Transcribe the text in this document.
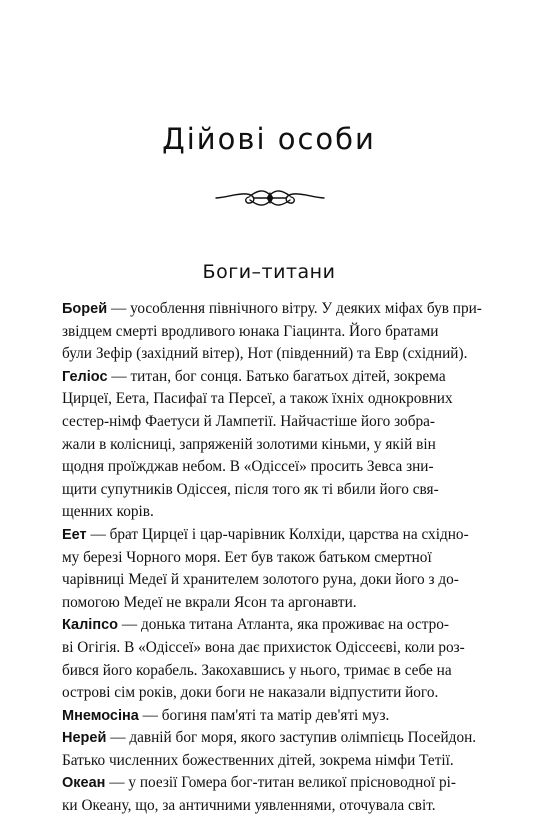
Дійові особи
Боги–титани

Борей — уособлення північного вітру. У деяких міфах був при-
звідцем смерті вродливого юнака Гіацинта. Його братами
були Зефір (західний вітер), Нот (південний) та Евр (східний).

Геліос — титан, бог сонця. Батько багатьох дітей, зокрема
Цирцеї, Еета, Пасифаї та Персеї, а також їхніх однокровних
сестер-німф Фаетуси й Лампетії. Найчастіше його зобра-
жали в колісниці, запряженій золотими кіньми, у якій він
щодня проїжджав небом. В «Одіссеї» просить Зевса зни-
щити супутників Одіссея, після того як ті вбили його свя-
щенних корів.

Еет — брат Цирцеї і цар-чарівник Колхіди, царства на східно-
му березі Чорного моря. Еет був також батьком смертної
чарівниці Медеї й хранителем золотого руна, доки його з до-
помогою Медеї не вкрали Ясон та аргонавти.

Каліпсо — донька титана Атланта, яка проживає на остро-
ві Огігія. В «Одіссеї» вона дає прихисток Одіссеєві, коли роз-
бився його корабель. Закохавшись у нього, тримає в себе на
острові сім років, доки боги не наказали відпустити його.

Мнемосіна — богиня пам'яті та матір дев'яті муз.

Нерей — давній бог моря, якого заступив олімпієць Посейдон.
Батько численних божественних дітей, зокрема німфи Тетії.

Океан — у поезії Гомера бог-титан великої прісноводної рі-
ки Океану, що, за античними уявленнями, оточувала світ.
